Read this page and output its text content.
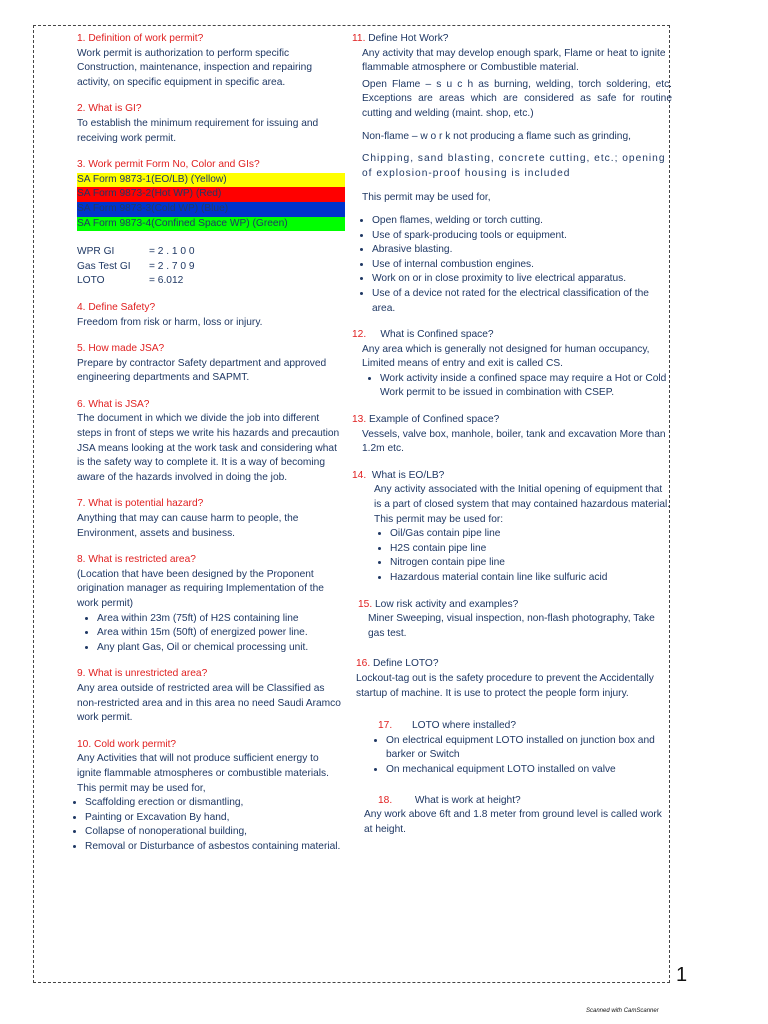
1. Definition of work permit?
Work permit is authorization to perform specific Construction, maintenance, inspection and repairing activity, on specific equipment in specific area.
2. What is GI?
To establish the minimum requirement for issuing and receiving work permit.
3. Work permit Form No, Color and GIs?
SA Form 9873-1(EO/LB) (Yellow)
SA Form 9873-2(Hot WP) (Red)
SA Form 9873-3(Cold WP) (Blue)
SA Form 9873-4(Confined Space WP) (Green)
WPR GI	= 2 . 1 0 0
Gas Test GI	= 2 . 7 0 9
LOTO	= 6.012
4. Define Safety?
Freedom from risk or harm, loss or injury.
5. How made JSA?
Prepare by contractor Safety department and approved engineering departments and SAPMT.
6. What is JSA?
The document in which we divide the job into different steps in front of steps we write his hazards and precaution JSA means looking at the work task and considering what is the safety way to complete it. It is a way of becoming aware of the hazards involved in doing the job.
7. What is potential hazard?
Anything that may can cause harm to people, the Environment, assets and business.
8. What is restricted area?
(Location that have been designed by the Proponent origination manager as requiring Implementation of the work permit)
• Area within 23m (75ft) of H2S containing line
• Area within 15m (50ft) of energized power line.
• Any plant Gas, Oil or chemical processing unit.
9. What is unrestricted area?
Any area outside of restricted area will be Classified as non-restricted area and in this area no need Saudi Aramco work permit.
10. Cold work permit?
Any Activities that will not produce sufficient energy to ignite flammable atmospheres or combustible materials.
This permit may be used for,
• Scaffolding erection or dismantling,
• Painting or Excavation By hand,
• Collapse of nonoperational building,
• Removal or Disturbance of asbestos containing material.
11. Define Hot Work?
Any activity that may develop enough spark, Flame or heat to ignite flammable atmosphere or Combustible material.
Open Flame – s u c h as burning, welding, torch soldering, etc. Exceptions are areas which are considered as safe for routine cutting and welding (maint. shop, etc.)
Non-flame – w o r k not producing a flame such as grinding,
Chipping, sand blasting, concrete cutting, etc.; opening of explosion-proof housing is included
This permit may be used for,
• Open flames, welding or torch cutting.
• Use of spark-producing tools or equipment.
• Abrasive blasting.
• Use of internal combustion engines.
• Work on or in close proximity to live electrical apparatus.
• Use of a device not rated for the electrical classification of the area.
12. What is Confined space?
Any area which is generally not designed for human occupancy, Limited means of entry and exit is called CS.
• Work activity inside a confined space may require a Hot or Cold Work permit to be issued in combination with CSEP.
13. Example of Confined space?
Vessels, valve box, manhole, boiler, tank and excavation More than 1.2m etc.
14. What is EO/LB?
Any activity associated with the Initial opening of equipment that is a part of closed system that may contained hazardous material.
This permit may be used for:
• Oil/Gas contain pipe line
• H2S contain pipe line
• Nitrogen contain pipe line
• Hazardous material contain line like sulfuric acid
15. Low risk activity and examples?
Miner Sweeping, visual inspection, non-flash photography, Take gas test.
16. Define LOTO?
Lockout-tag out is the safety procedure to prevent the Accidentally startup of machine. It is use to protect the people form injury.
17. LOTO where installed?
• On electrical equipment LOTO installed on junction box and barker or Switch
• On mechanical equipment LOTO installed on valve
18. What is work at height?
Any work above 6ft and 1.8 meter from ground level is called work at height.
1
Scanned with CamScanner
